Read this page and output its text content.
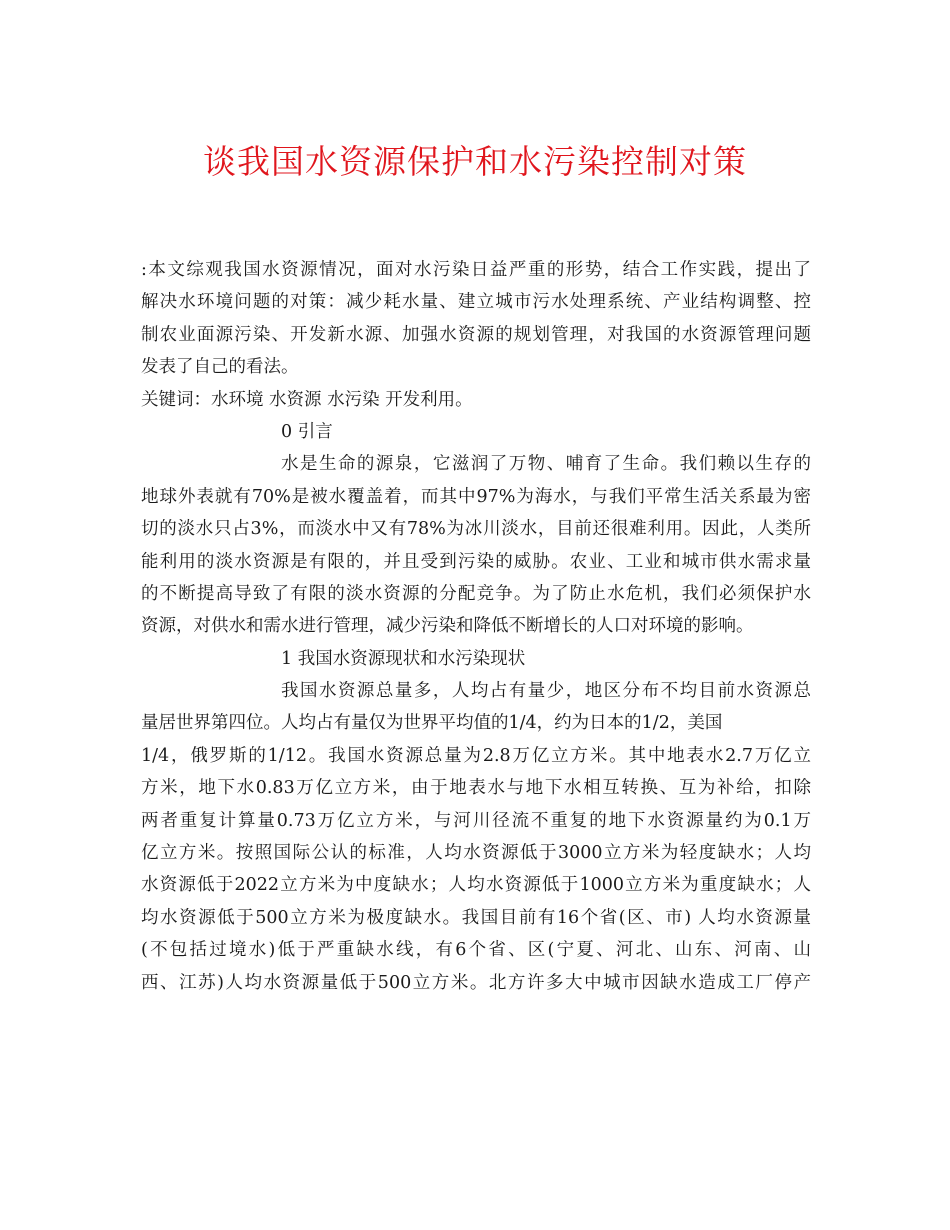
谈我国水资源保护和水污染控制对策
:本文综观我国水资源情况，面对水污染日益严重的形势，结合工作实践，提出了
解决水环境问题的对策：减少耗水量、建立城市污水处理系统、产业结构调整、控
制农业面源污染、开发新水源、加强水资源的规划管理，对我国的水资源管理问题
发表了自己的看法。
关键词：水环境 水资源 水污染 开发利用。
0 引言
水是生命的源泉，它滋润了万物、哺育了生命。我们赖以生存的
地球外表就有70%是被水覆盖着，而其中97%为海水，与我们平常生活关系最为密
切的淡水只占3%，而淡水中又有78%为冰川淡水，目前还很难利用。因此，人类所
能利用的淡水资源是有限的，并且受到污染的威胁。农业、工业和城市供水需求量
的不断提高导致了有限的淡水资源的分配竞争。为了防止水危机，我们必须保护水
资源，对供水和需水进行管理，减少污染和降低不断增长的人口对环境的影响。
1 我国水资源现状和水污染现状
我国水资源总量多，人均占有量少，地区分布不均目前水资源总
量居世界第四位。人均占有量仅为世界平均值的1/4，约为日本的1/2，美国
1/4，俄罗斯的1/12。我国水资源总量为2.8万亿立方米。其中地表水2.7万亿立
方米，地下水0.83万亿立方米，由于地表水与地下水相互转换、互为补给，扣除
两者重复计算量0.73万亿立方米，与河川径流不重复的地下水资源量约为0.1万
亿立方米。按照国际公认的标准，人均水资源低于3000立方米为轻度缺水；人均
水资源低于2022立方米为中度缺水；人均水资源低于1000立方米为重度缺水；人
均水资源低于500立方米为极度缺水。我国目前有16个省(区、市) 人均水资源量
(不包括过境水)低于严重缺水线，有6个省、区(宁夏、河北、山东、河南、山
西、江苏)人均水资源量低于500立方米。北方许多大中城市因缺水造成工厂停产
